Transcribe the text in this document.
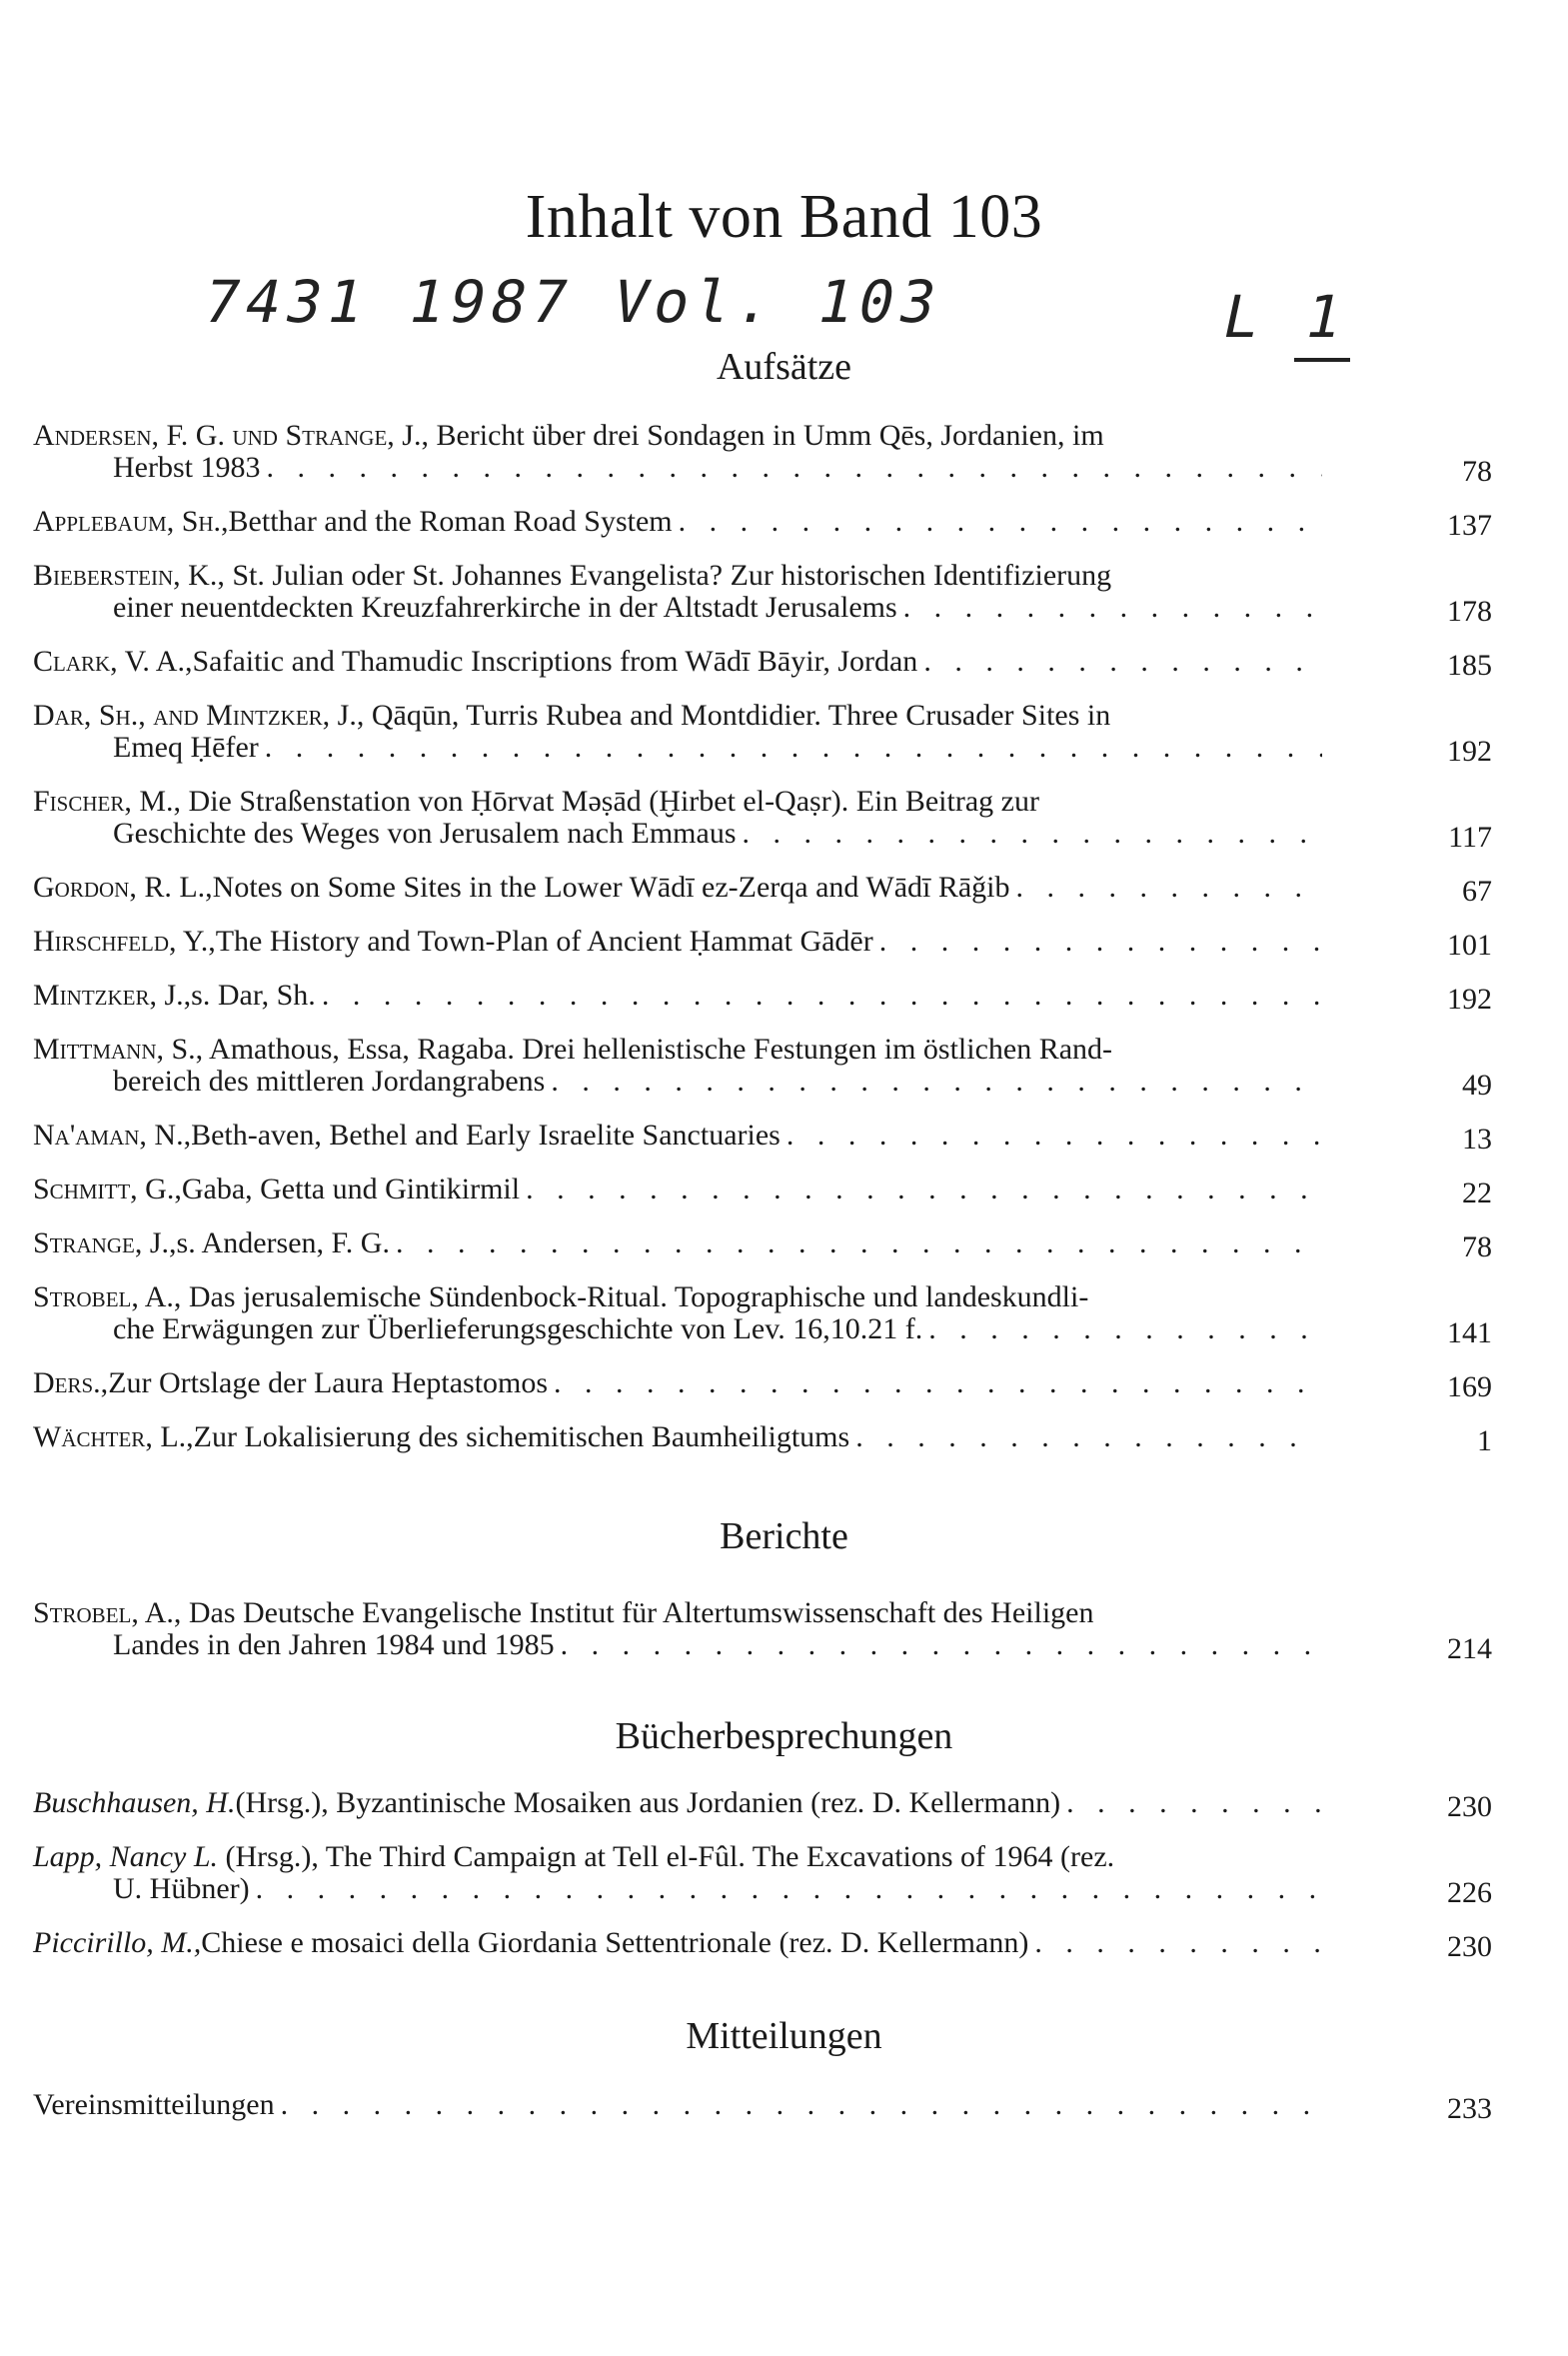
Inhalt von Band 103
7431 1987 Vol. 103	L 1
Aufsätze
Andersen, F. G. und Strange, J., Bericht über drei Sondagen in Umm Qēs, Jordanien, im
Herbst 1983 . . .	78
Applebaum, Sh., Betthar and the Roman Road System . . .	137
Bieberstein, K., St. Julian oder St. Johannes Evangelista? Zur historischen Identifizierung
einer neuentdeckten Kreuzfahrerkirche in der Altstadt Jerusalems . . .	178
Clark, V. A., Safaitic and Thamudic Inscriptions from Wādī Bāyir, Jordan . . .	185
Dar, Sh., and Mintzker, J., Qāqūn, Turris Rubea and Montdidier. Three Crusader Sites in
Emeq Ḥēfer . . .	192
Fischer, M., Die Straßenstation von Ḥōrvat Məṣād (Ḫirbet el-Qaṣr). Ein Beitrag zur
Geschichte des Weges von Jerusalem nach Emmaus . . .	117
Gordon, R. L., Notes on Some Sites in the Lower Wādī ez-Zerqa and Wādī Rāǧib . . .	67
Hirschfeld, Y., The History and Town-Plan of Ancient Ḥammat Gādēr . . .	101
Mintzker, J., s. Dar, Sh. . . .	192
Mittmann, S., Amathous, Essa, Ragaba. Drei hellenistische Festungen im östlichen Rand-
bereich des mittleren Jordangrabens . . .	49
Na'aman, N., Beth-aven, Bethel and Early Israelite Sanctuaries . . .	13
Schmitt, G., Gaba, Getta und Gintikirmil . . .	22
Strange, J., s. Andersen, F. G. . . .	78
Strobel, A., Das jerusalemische Sündenbock-Ritual. Topographische und landeskundli-
che Erwägungen zur Überlieferungsgeschichte von Lev. 16,10.21 f. . . .	141
Ders., Zur Ortslage der Laura Heptastomos . . .	169
Wächter, L., Zur Lokalisierung des sichemitischen Baumheiligtums . . .	1
Berichte
Strobel, A., Das Deutsche Evangelische Institut für Altertumswissenschaft des Heiligen
Landes in den Jahren 1984 und 1985 . . .	214
Bücherbesprechungen
Buschhausen, H. (Hrsg.), Byzantinische Mosaiken aus Jordanien (rez. D. Kellermann) . . .	230
Lapp, Nancy L. (Hrsg.), The Third Campaign at Tell el-Fûl. The Excavations of 1964 (rez.
U. Hübner) . . .	226
Piccirillo, M., Chiese e mosaici della Giordania Settentrionale (rez. D. Kellermann) . . .	230
Mitteilungen
Vereinsmitteilungen . . .	233
